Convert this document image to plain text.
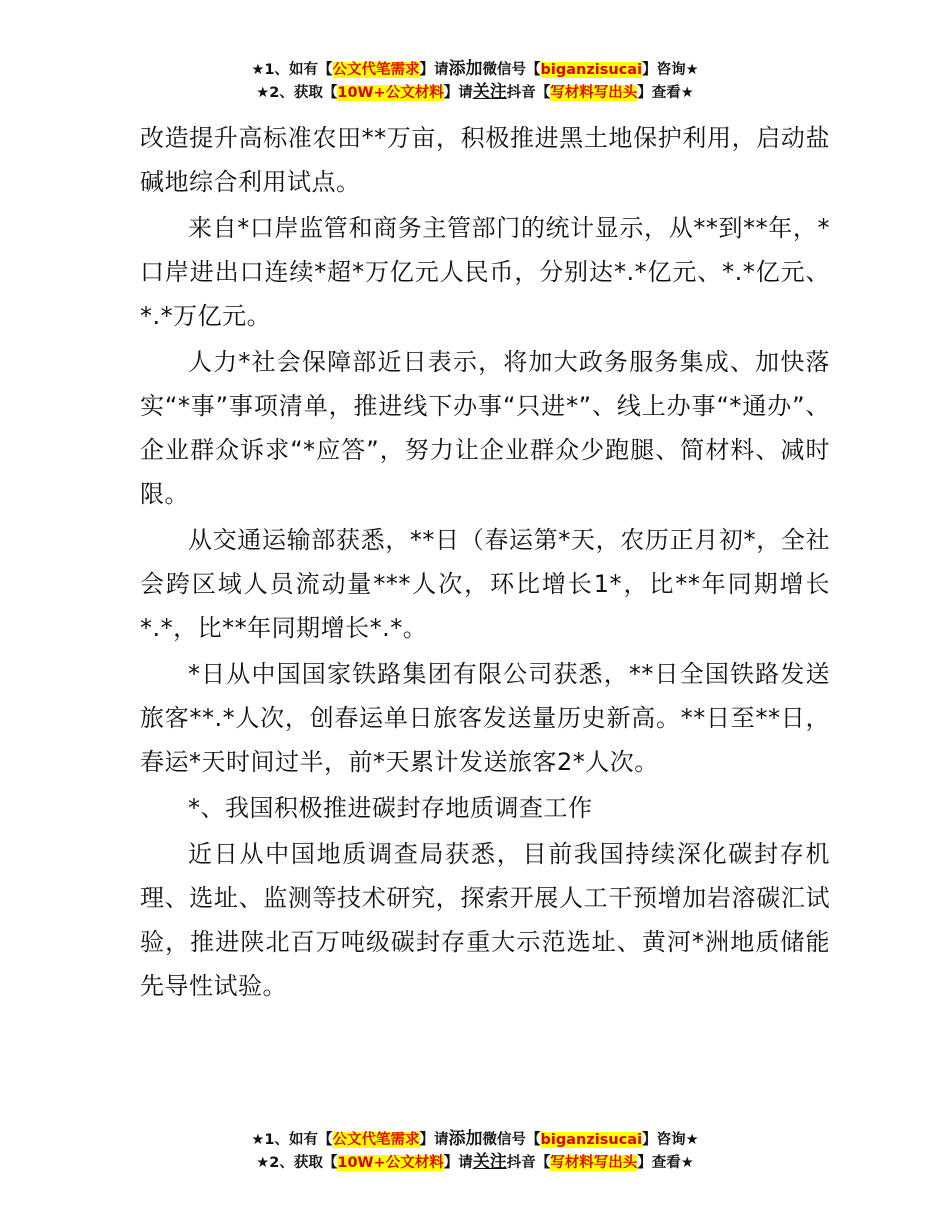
★1、如有【公文代笔需求】请添加微信号【biganzisucai】咨询★
★2、获取【10W+公文材料】请关注抖音【写材料写出头】查看★

改造提升高标准农田**万亩，积极推进黑土地保护利用，启动盐碱地综合利用试点。

来自*口岸监管和商务主管部门的统计显示，从**到**年，*口岸进出口连续*超*万亿元人民币，分别达*.*亿元、*.*亿元、*.*万亿元。

人力*社会保障部近日表示，将加大政务服务集成、加快落实“*事”事项清单，推进线下办事“只进*”、线上办事“*通办”、企业群众诉求“*应答”，努力让企业群众少跑腿、简材料、减时限。

从交通运输部获悉，**日（春运第*天，农历正月初*，全社会跨区域人员流动量***人次，环比增长1*，比**年同期增长*.*，比**年同期增长*.*。

*日从中国国家铁路集团有限公司获悉，**日全国铁路发送旅客**.*人次，创春运单日旅客发送量历史新高。**日至**日，春运*天时间过半，前*天累计发送旅客2*人次。

*、我国积极推进碳封存地质调查工作

近日从中国地质调查局获悉，目前我国持续深化碳封存机理、选址、监测等技术研究，探索开展人工干预增加岩溶碳汇试验，推进陕北百万吨级碳封存重大示范选址、黄河*洲地质储能先导性试验。

★1、如有【公文代笔需求】请添加微信号【biganzisucai】咨询★
★2、获取【10W+公文材料】请关注抖音【写材料写出头】查看★
